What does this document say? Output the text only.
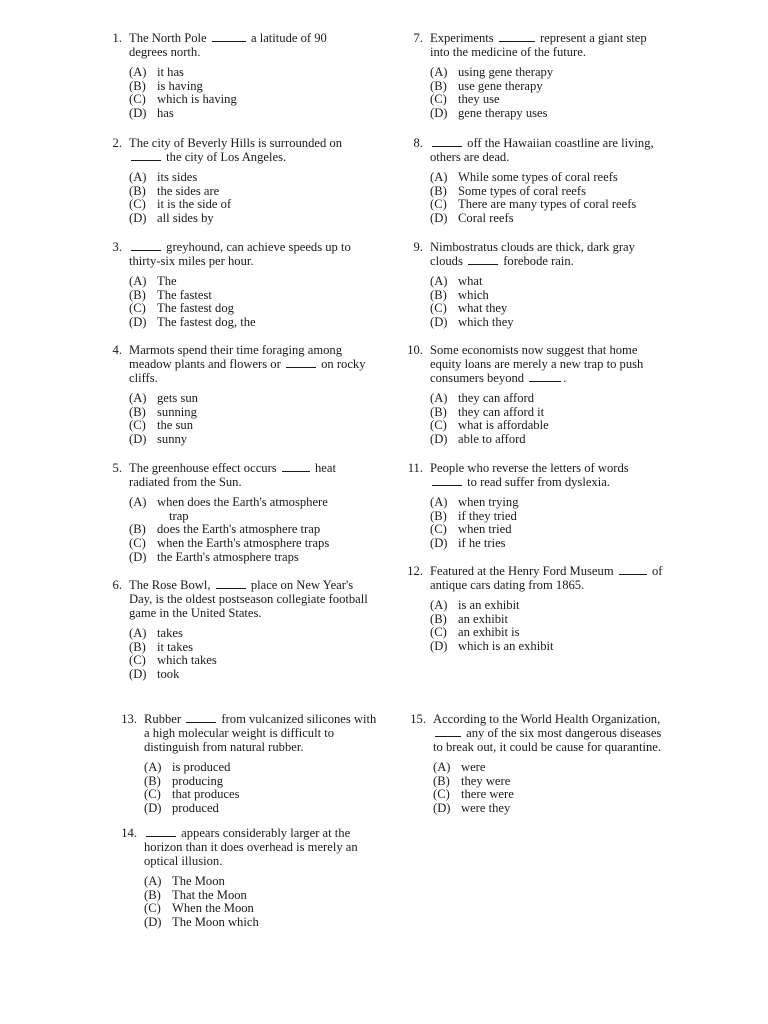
1. The North Pole	a latitude of 90 degrees north.
(A) it has
(B) is having
(C) which is having
(D) has
2. The city of Beverly Hills is surrounded on  the city of Los Angeles.
(A) its sides
(B) the sides are
(C) it is the side of
(D) all sides by
3.	greyhound, can achieve speeds up to thirty-six miles per hour.
(A) The
(B) The fastest
(C) The fastest dog
(D) The fastest dog, the
4. Marmots spend their time foraging among meadow plants and flowers or	on rocky cliffs.
(A) gets sun
(B) sunning
(C) the sun
(D) sunny
5. The greenhouse effect occurs	heat radiated from the Sun.
(A) when does the Earth's atmosphere
trap
(B) does the Earth's atmosphere trap
(C) when the Earth's atmosphere traps
(D) the Earth's atmosphere traps
6. The Rose Bowl,	place on New Year's Day, is the oldest postseason collegiate football game in the United States.
(A) takes
(B) it takes
(C) which takes
(D) took
7. Experiments	represent a giant step into the medicine of the future.
(A) using gene therapy
(B) use gene therapy
(C) they use
(D) gene therapy uses
8.	off the Hawaiian coastline are living, others are dead.
(A) While some types of coral reefs
(B) Some types of coral reefs
(C) There are many types of coral reefs
(D) Coral reefs
9. Nimbostratus clouds are thick, dark gray clouds	forebode rain.
(A) what
(B) which
(C) what they
(D) which they
10. Some economists now suggest that home equity loans are merely a new trap to push consumers beyond	.
(A) they can afford
(B) they can afford it
(C) what is affordable
(D) able to afford
11. People who reverse the letters of words  to read suffer from dyslexia.
(A) when trying
(B) if they tried
(C) when tried
(D) if he tries
12. Featured at the Henry Ford Museum	of antique cars dating from 1865.
(A) is an exhibit
(B) an exhibit
(C) an exhibit is
(D) which is an exhibit
13. Rubber	from vulcanized silicones with a high molecular weight is difficult to distinguish from natural rubber.
(A) is produced
(B) producing
(C) that produces
(D) produced
14.	appears considerably larger at the horizon than it does overhead is merely an optical illusion.
(A) The Moon
(B) That the Moon
(C) When the Moon
(D) The Moon which
15. According to the World Health Organization,  any of the six most dangerous diseases to break out, it could be cause for quarantine.
(A) were
(B) they were
(C) there were
(D) were they
